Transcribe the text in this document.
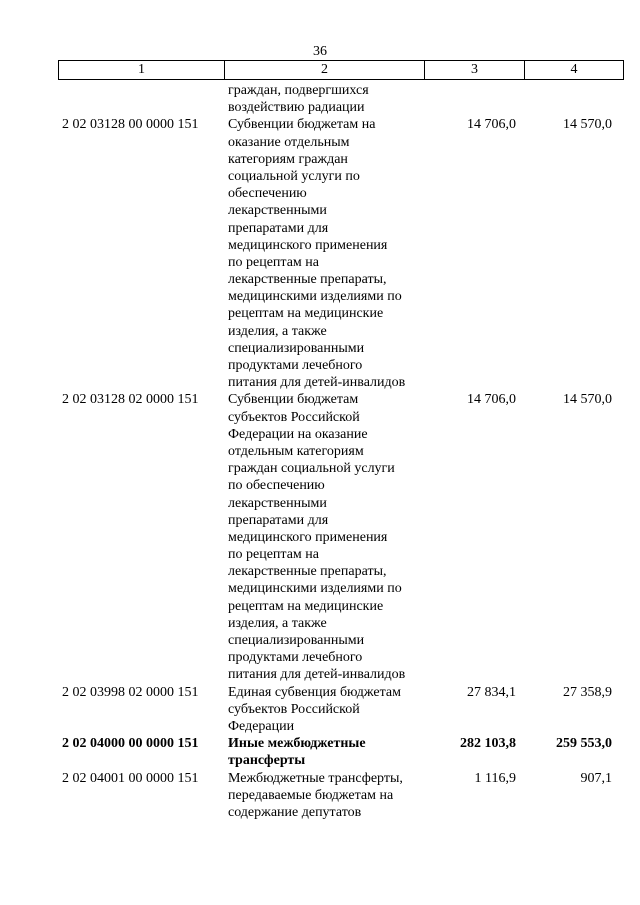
36
1	2	3	4
граждан, подвергшихся
воздействию радиации
2 02 03128 00 0000 151	Субвенции бюджетам на	14 706,0	14 570,0
оказание отдельным
категориям граждан
социальной услуги по
обеспечению
лекарственными
препаратами для
медицинского применения
по рецептам на
лекарственные препараты,
медицинскими изделиями по
рецептам на медицинские
изделия, а также
специализированными
продуктами лечебного
питания для детей-инвалидов
2 02 03128 02 0000 151	Субвенции бюджетам	14 706,0	14 570,0
субъектов Российской
Федерации на оказание
отдельным категориям
граждан социальной услуги
по обеспечению
лекарственными
препаратами для
медицинского применения
по рецептам на
лекарственные препараты,
медицинскими изделиями по
рецептам на медицинские
изделия, а также
специализированными
продуктами лечебного
питания для детей-инвалидов
2 02 03998 02 0000 151	Единая субвенция бюджетам	27 834,1	27 358,9
субъектов Российской
Федерации
2 02 04000 00 0000 151	Иные межбюджетные	282 103,8	259 553,0
трансферты
2 02 04001 00 0000 151	Межбюджетные трансферты,	1 116,9	907,1
передаваемые бюджетам на
содержание депутатов
